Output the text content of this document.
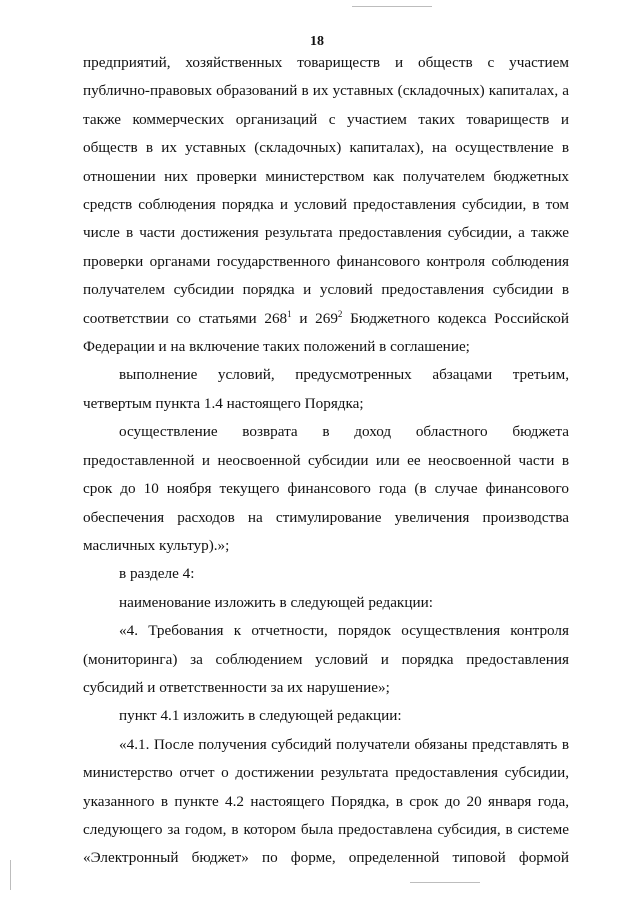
18

предприятий, хозяйственных товариществ и обществ с участием публично-правовых образований в их уставных (складочных) капиталах, а также коммерческих организаций с участием таких товариществ и обществ в их уставных (складочных) капиталах), на осуществление в отношении них проверки министерством как получателем бюджетных средств соблюдения порядка и условий предоставления субсидии, в том числе в части достижения результата предоставления субсидии, а также проверки органами государственного финансового контроля соблюдения получателем субсидии порядка и условий предоставления субсидии в соответствии со статьями $268^1$ и $269^2$ Бюджетного кодекса Российской Федерации и на включение таких положений в соглашение;

выполнение условий, предусмотренных абзацами третьим, четвертым пункта 1.4 настоящего Порядка;

осуществление возврата в доход областного бюджета предоставленной и неосвоенной субсидии или ее неосвоенной части в срок до 10 ноября текущего финансового года (в случае финансового обеспечения расходов на стимулирование увеличения производства масличных культур).»;

в разделе 4:

наименование изложить в следующей редакции:

«4. Требования к отчетности, порядок осуществления контроля (мониторинга) за соблюдением условий и порядка предоставления субсидий и ответственности за их нарушение»;

пункт 4.1 изложить в следующей редакции:

«4.1. После получения субсидий получатели обязаны представлять в министерство отчет о достижении результата предоставления субсидии, указанного в пункте 4.2 настоящего Порядка, в срок до 20 января года, следующего за годом, в котором была предоставлена субсидия, в системе «Электронный бюджет» по форме, определенной типовой формой
